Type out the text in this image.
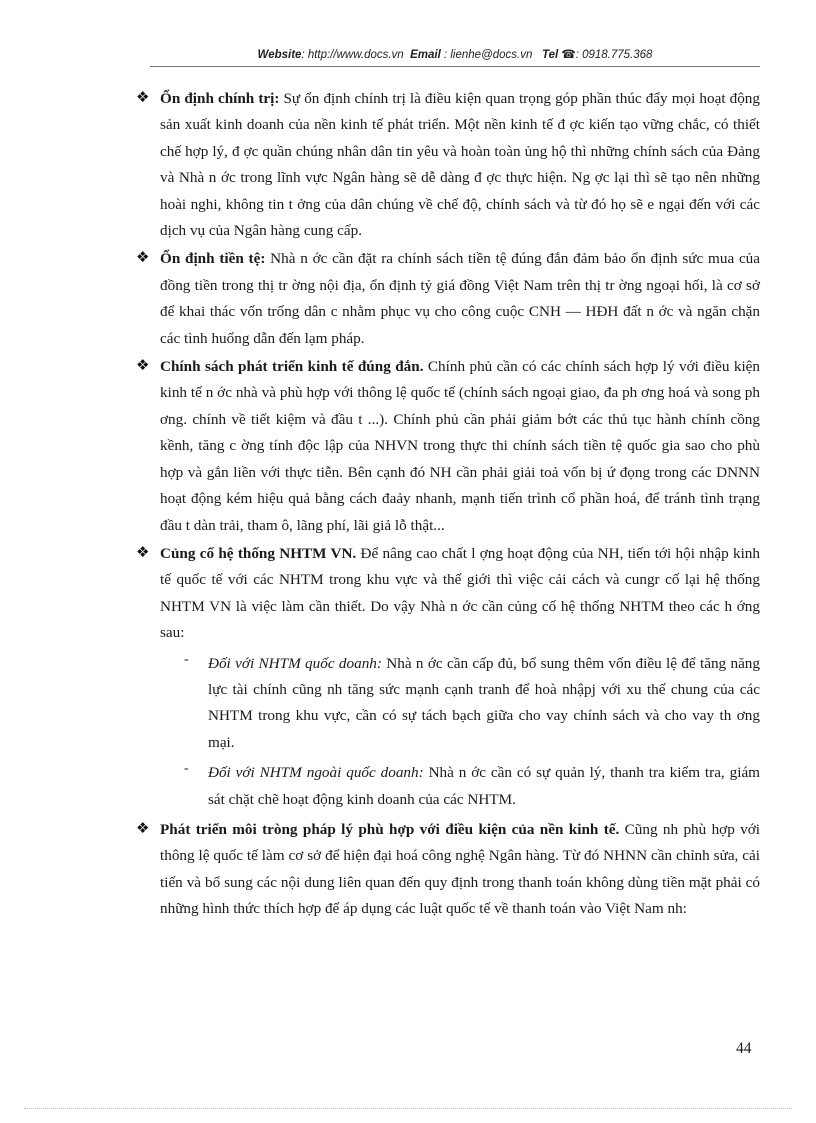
Website: http://www.docs.vn Email : lienhe@docs.vn Tel ☎: 0918.775.368
❖ Ổn định chính trị: Sự ổn định chính trị là điều kiện quan trọng góp phần thúc đẩy mọi hoạt động sản xuất kinh doanh của nền kinh tế phát triển. Một nền kinh tế đ ợc kiến tạo vững chắc, có thiết chế hợp lý, đ ợc quần chúng nhân dân tin yêu và hoàn toàn ủng hộ thì những chính sách của Đảng và Nhà n ớc trong lĩnh vực Ngân hàng sẽ dễ dàng đ ợc thực hiện. Ng ợc lại thì sẽ tạo nên những hoài nghi, không tin t ởng của dân chúng về chế độ, chính sách và từ đó họ sẽ e ngại đến với các dịch vụ của Ngân hàng cung cấp.
❖ Ổn định tiền tệ: Nhà n ớc cần đặt ra chính sách tiền tệ đúng đắn đảm bảo ổn định sức mua của đồng tiền trong thị tr ờng nội địa, ổn định tỷ giá đồng Việt Nam trên thị tr ờng ngoại hối, là cơ sở để khai thác vốn trống dân c nhằm phục vụ cho công cuộc CNH — HĐH đất n ớc và ngăn chặn các tình huống dẫn đến lạm pháp.
❖ Chính sách phát triển kinh tế đúng đắn. Chính phủ cần có các chính sách hợp lý với điều kiện kinh tế n ớc nhà và phù hợp với thông lệ quốc tế (chính sách ngoại giao, đa ph ơng hoá và song ph ơng. chính về tiết kiệm và đầu t ...). Chính phủ cần phải giảm bớt các thủ tục hành chính cồng kềnh, tăng c ờng tính độc lập của NHVN trong thực thi chính sách tiền tệ quốc gia sao cho phù hợp và gắn liền với thực tiễn. Bên cạnh đó NH cần phải giải toả vốn bị ứ đọng trong các DNNN hoạt động kém hiệu quả bằng cách đaảy nhanh, mạnh tiến trình cổ phần hoá, để tránh tình trạng đầu t dàn trải, tham ô, lãng phí, lãi giả lỗ thật...
❖ Củng cố hệ thống NHTM VN. Để nâng cao chất l ợng hoạt động của NH, tiến tới hội nhập kinh tế quốc tế với các NHTM trong khu vực và thế giới thì việc cải cách và cungr cố lại hệ thống NHTM VN là việc làm cần thiết. Do vậy Nhà n ớc cần củng cố hệ thống NHTM theo các h ớng sau:
- Đối với NHTM quốc doanh: Nhà n ớc cần cấp đủ, bổ sung thêm vốn điều lệ để tăng năng lực tài chính cũng nh tăng sức mạnh cạnh tranh để hoà nhậpj với xu thế chung của các NHTM trong khu vực, cần có sự tách bạch giữa cho vay chính sách và cho vay th ơng mại.
- Đối với NHTM ngoài quốc doanh: Nhà n ớc cần có sự quản lý, thanh tra kiểm tra, giám sát chặt chẽ hoạt động kinh doanh của các NHTM.
❖ Phát triển môi tròng pháp lý phù hợp với điều kiện của nền kinh tế. Cũng nh phù hợp với thông lệ quốc tế làm cơ sở để hiện đại hoá công nghệ Ngân hàng. Từ đó NHNN cần chỉnh sửa, cải tiến và bổ sung các nội dung liên quan đến quy định trong thanh toán không dùng tiền mặt phải có những hình thức thích hợp để áp dụng các luật quốc tế về thanh toán vào Việt Nam nh:
44
